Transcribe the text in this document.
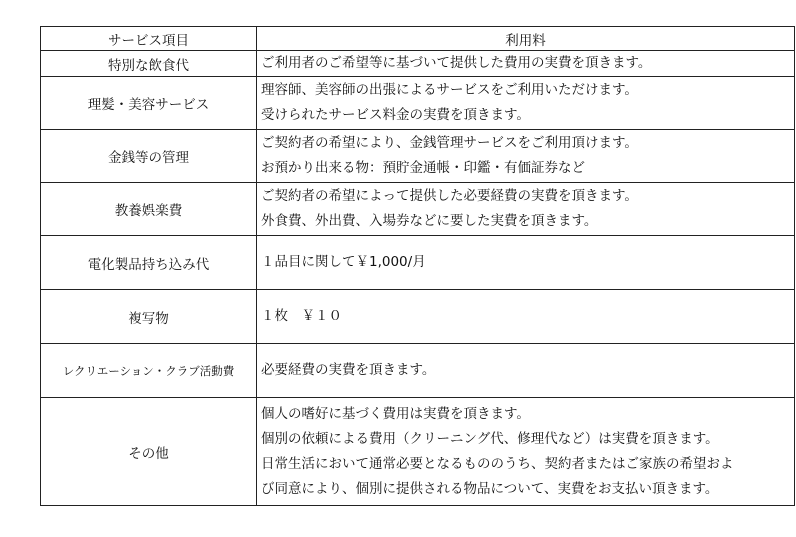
サービス項目	利用料
特別な飲食代	ご利用者のご希望等に基づいて提供した費用の実費を頂きます。

理髪・美容サービス	理容師、美容師の出張によるサービスをご利用いただけます。
受けられたサービス料金の実費を頂きます。

金銭等の管理	ご契約者の希望により、金銭管理サービスをご利用頂けます。
お預かり出来る物：預貯金通帳・印鑑・有価証券など

教養娯楽費	ご契約者の希望によって提供した必要経費の実費を頂きます。
外食費、外出費、入場券などに要した実費を頂きます。

電化製品持ち込み代	１品目に関して￥1,000/月

複写物	１枚　￥１０

レクリエーション・クラブ活動費	必要経費の実費を頂きます。

その他	個人の嗜好に基づく費用は実費を頂きます。
個別の依頼による費用（クリーニング代、修理代など）は実費を頂きます。
日常生活において通常必要となるもののうち、契約者またはご家族の希望およ
び同意により、個別に提供される物品について、実費をお支払い頂きます。
